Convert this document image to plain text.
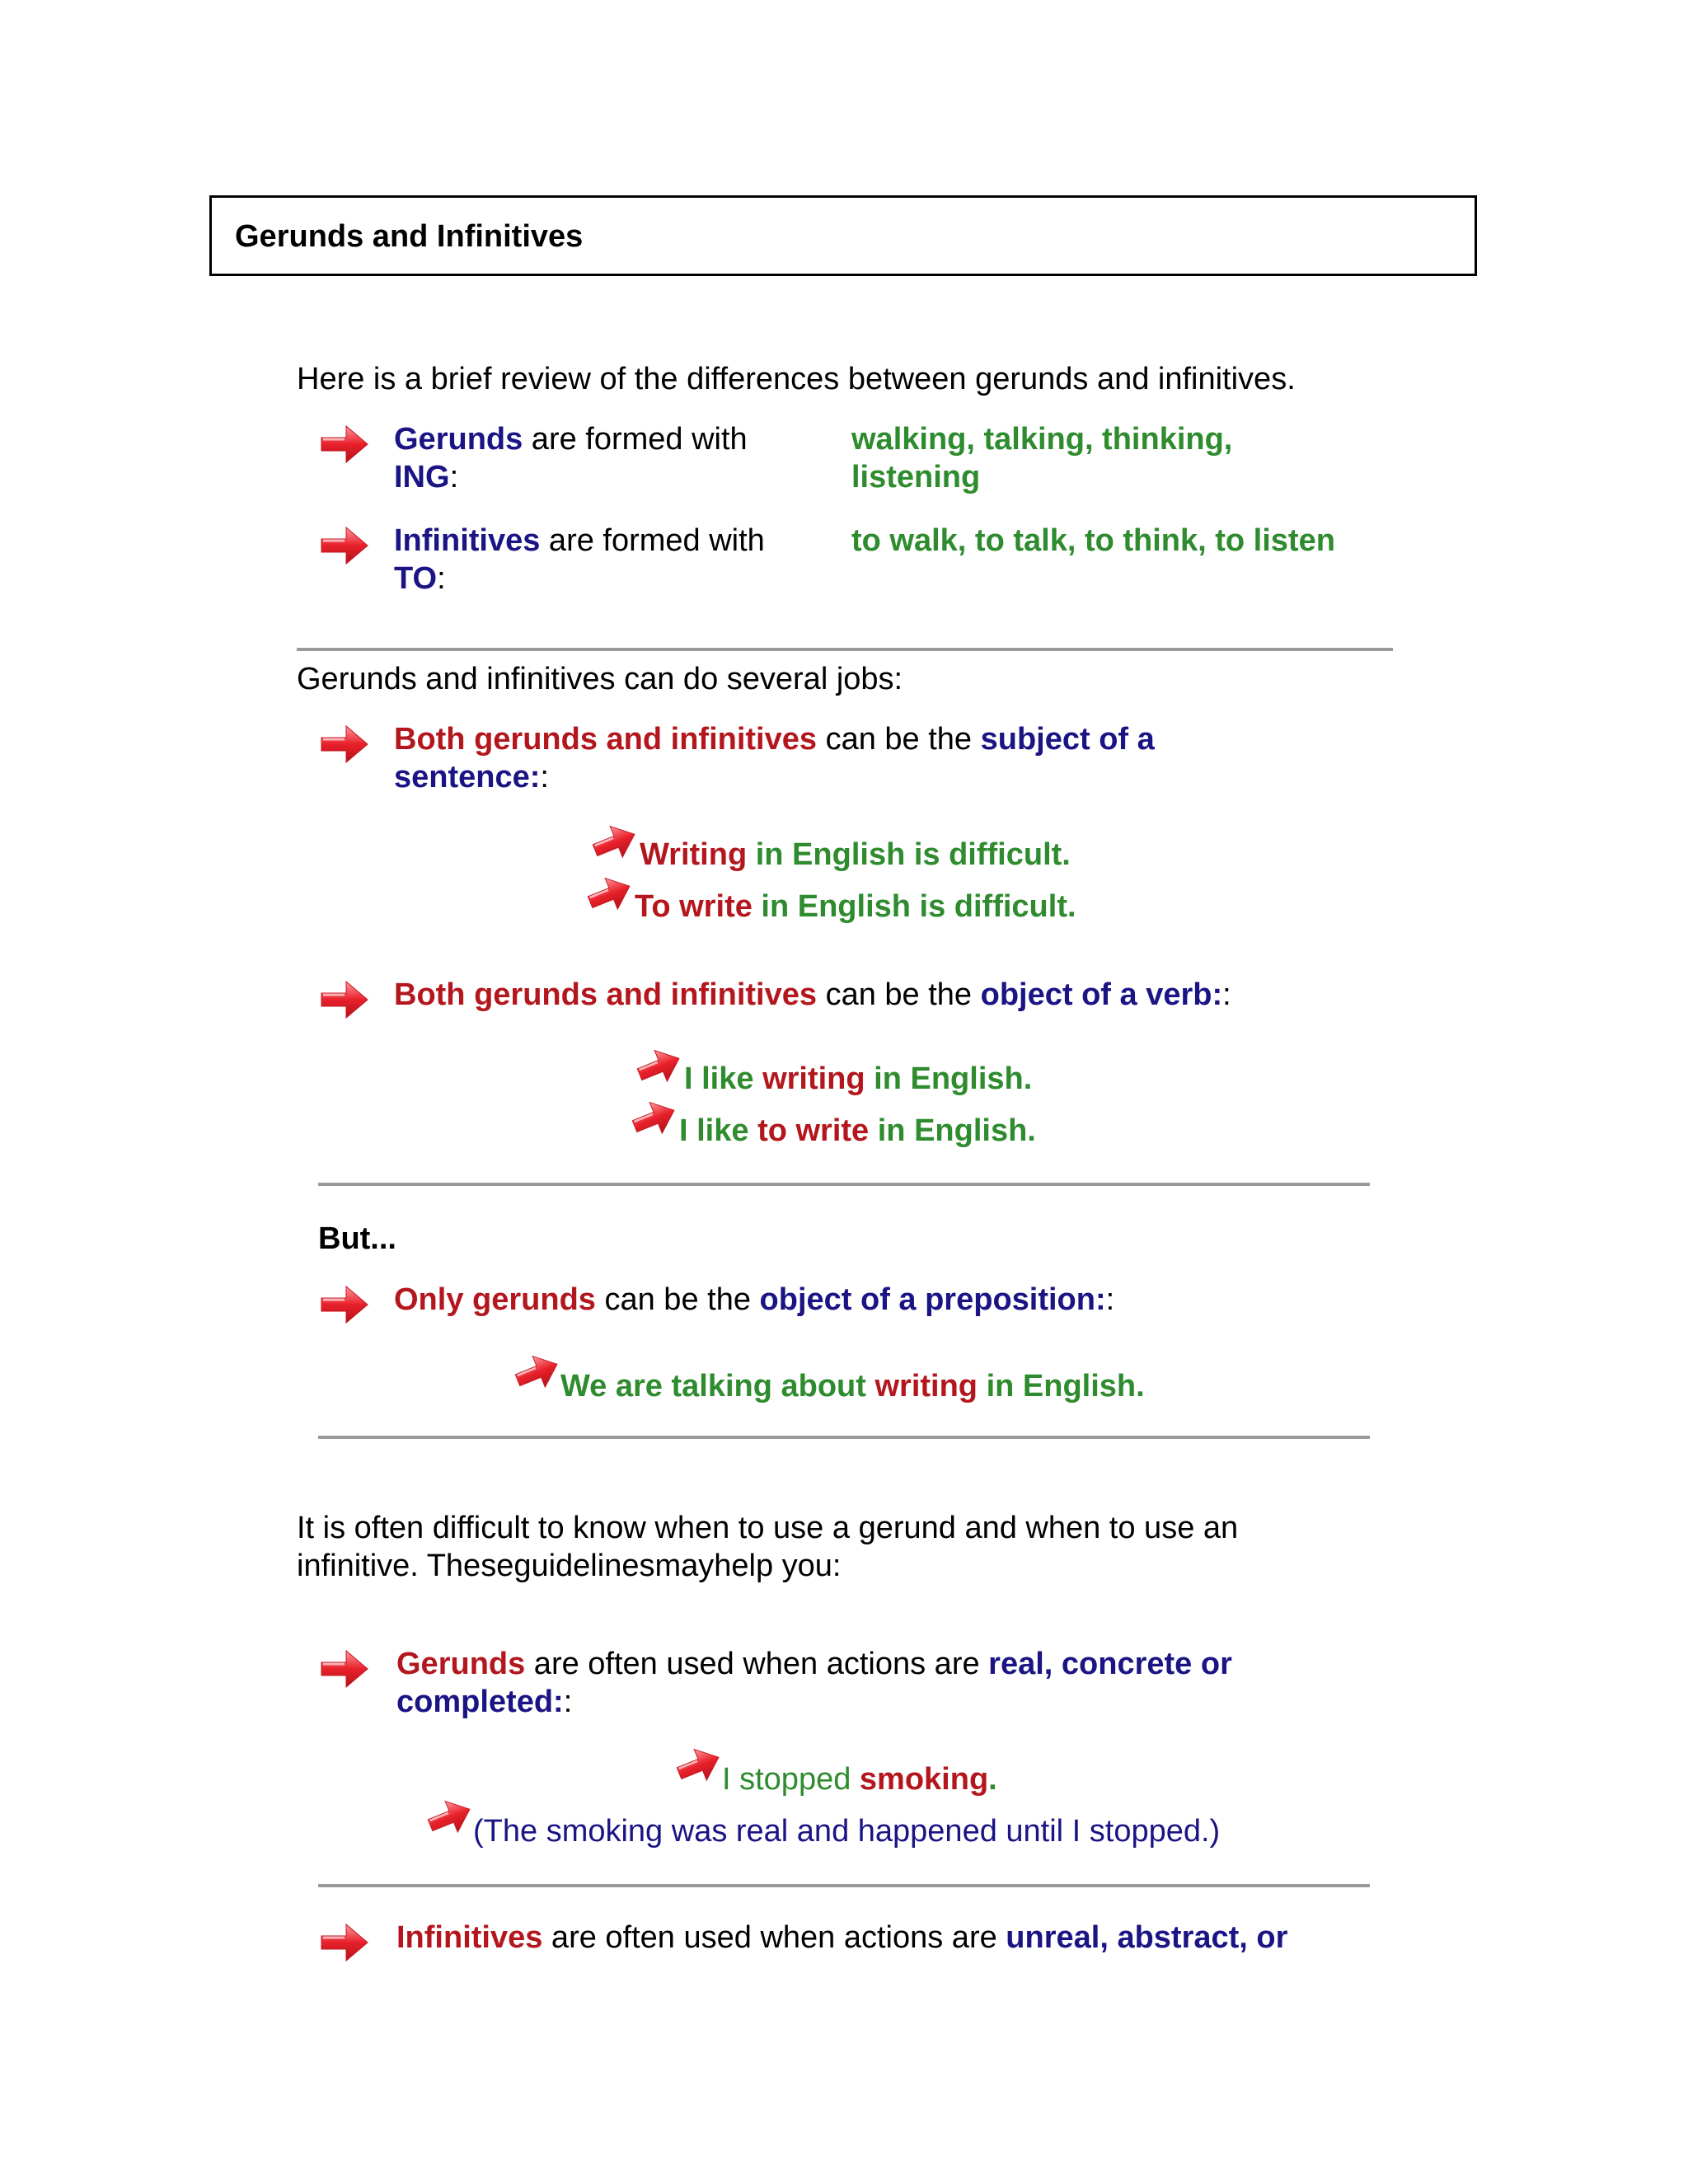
Gerunds and Infinitives
Here is a brief review of the differences between gerunds and infinitives.
Gerunds are formed with
ING:
walking, talking, thinking,
listening
Infinitives are formed with
TO:
to walk, to talk, to think, to listen
Gerunds and infinitives can do several jobs:
Both gerunds and infinitives can be the subject of a
sentence::
Writing in English is difficult.
To write in English is difficult.
Both gerunds and infinitives can be the object of a verb::
I like writing in English.
I like to write in English.
But...
Only gerunds can be the object of a preposition::
We are talking about writing in English.
It is often difficult to know when to use a gerund and when to use an
infinitive. Theseguidelinesmayhelp you:
Gerunds are often used when actions are real, concrete or
completed::
I stopped smoking.
(The smoking was real and happened until I stopped.)
Infinitives are often used when actions are unreal, abstract, or
